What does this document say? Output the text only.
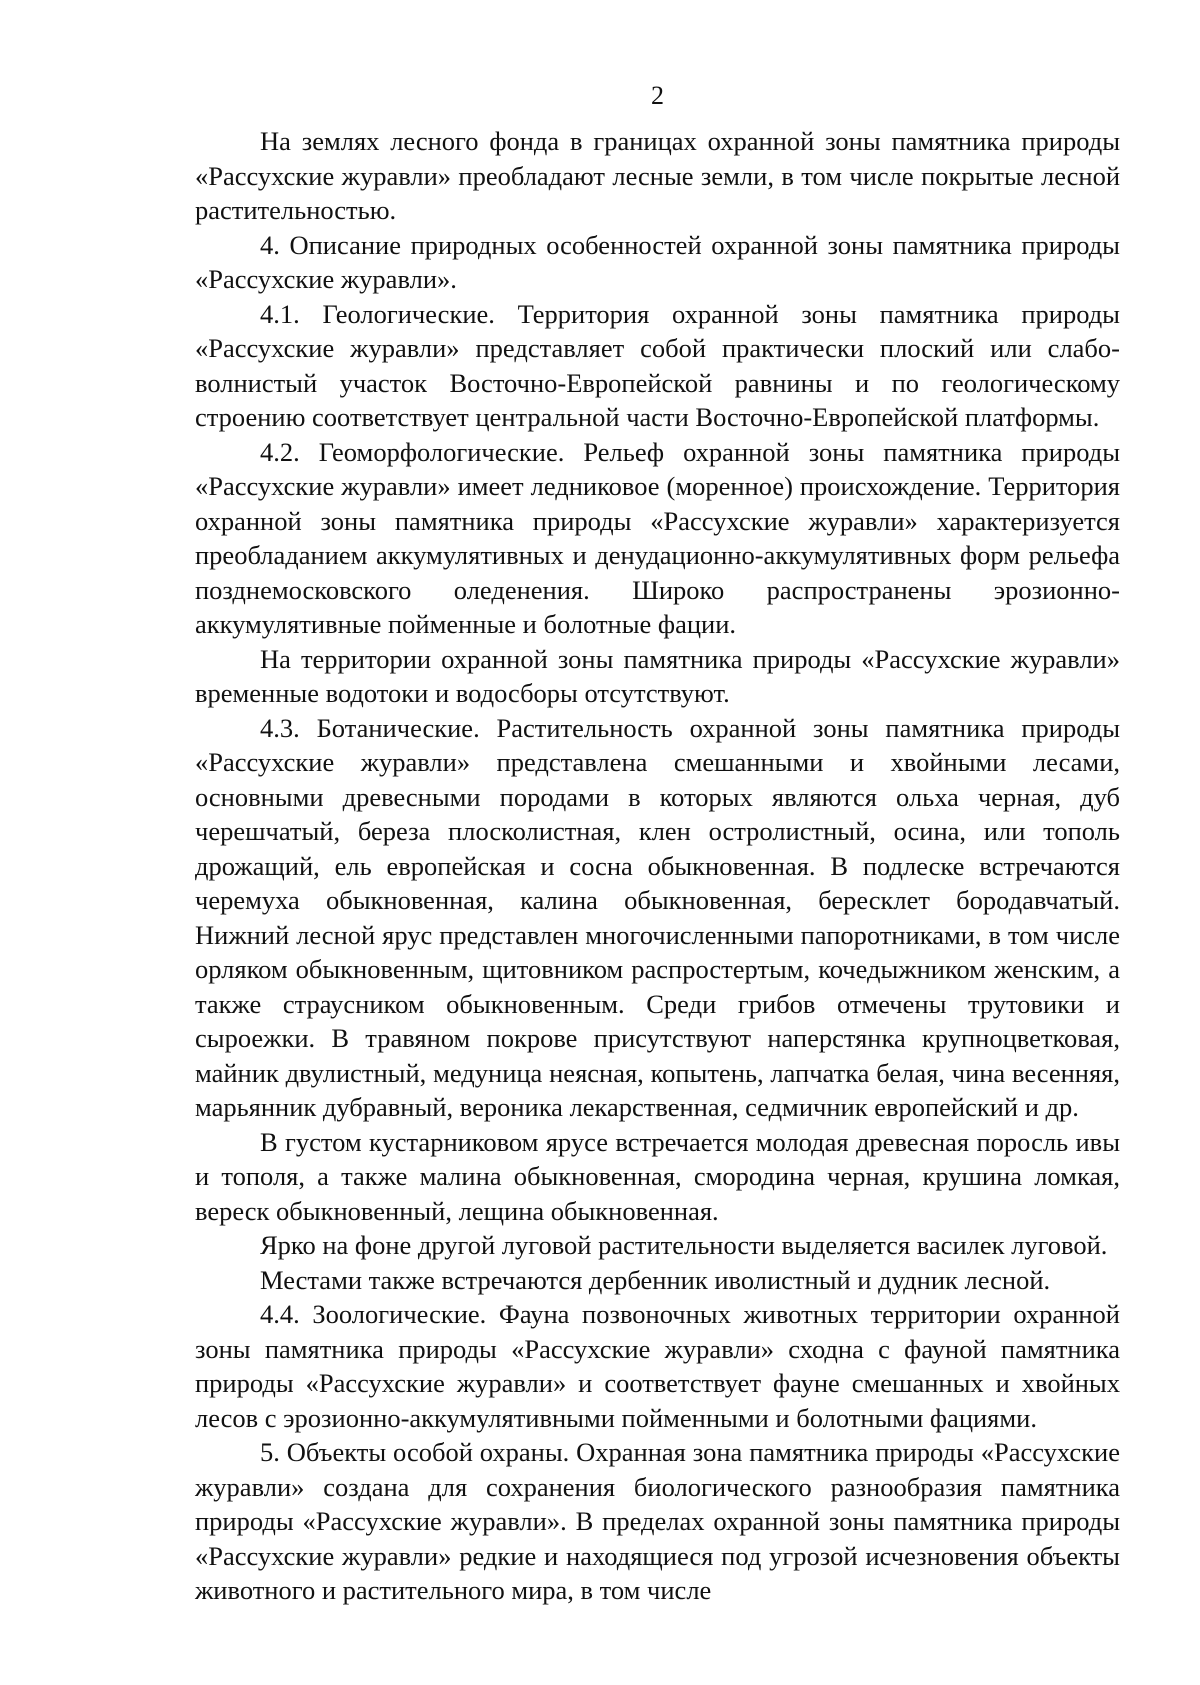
2

На землях лесного фонда в границах охранной зоны памятника природы «Рассухские журавли» преобладают лесные земли, в том числе покрытые лесной растительностью.

4. Описание природных особенностей охранной зоны памятника природы «Рассухские журавли».

4.1. Геологические. Территория охранной зоны памятника природы «Рассухские журавли» представляет собой практически плоский или слабоволнистый участок Восточно-Европейской равнины и по геологическому строению соответствует центральной части Восточно-Европейской платформы.

4.2. Геоморфологические. Рельеф охранной зоны памятника природы «Рассухские журавли» имеет ледниковое (моренное) происхождение. Территория охранной зоны памятника природы «Рассухские журавли» характеризуется преобладанием аккумулятивных и денудационно-аккумулятивных форм рельефа позднемосковского оледенения. Широко распространены эрозионно-аккумулятивные пойменные и болотные фации.

На территории охранной зоны памятника природы «Рассухские журавли» временные водотоки и водосборы отсутствуют.

4.3. Ботанические. Растительность охранной зоны памятника природы «Рассухские журавли» представлена смешанными и хвойными лесами, основными древесными породами в которых являются ольха черная, дуб черешчатый, береза плосколистная, клен остролистный, осина, или тополь дрожащий, ель европейская и сосна обыкновенная. В подлеске встречаются черемуха обыкновенная, калина обыкновенная, бересклет бородавчатый. Нижний лесной ярус представлен многочисленными папоротниками, в том числе орляком обыкновенным, щитовником распростертым, кочедыжником женским, а также страусником обыкновенным. Среди грибов отмечены трутовики и сыроежки. В травяном покрове присутствуют наперстянка крупноцветковая, майник двулистный, медуница неясная, копытень, лапчатка белая, чина весенняя, марьянник дубравный, вероника лекарственная, седмичник европейский и др.

В густом кустарниковом ярусе встречается молодая древесная поросль ивы и тополя, а также малина обыкновенная, смородина черная, крушина ломкая, вереск обыкновенный, лещина обыкновенная.

Ярко на фоне другой луговой растительности выделяется василек луговой.

Местами также встречаются дербенник иволистный и дудник лесной.

4.4. Зоологические. Фауна позвоночных животных территории охранной зоны памятника природы «Рассухские журавли» сходна с фауной памятника природы «Рассухские журавли» и соответствует фауне смешанных и хвойных лесов с эрозионно-аккумулятивными пойменными и болотными фациями.

5. Объекты особой охраны. Охранная зона памятника природы «Рассухские журавли» создана для сохранения биологического разнообразия памятника природы «Рассухские журавли». В пределах охранной зоны памятника природы «Рассухские журавли» редкие и находящиеся под угрозой исчезновения объекты животного и растительного мира, в том числе
